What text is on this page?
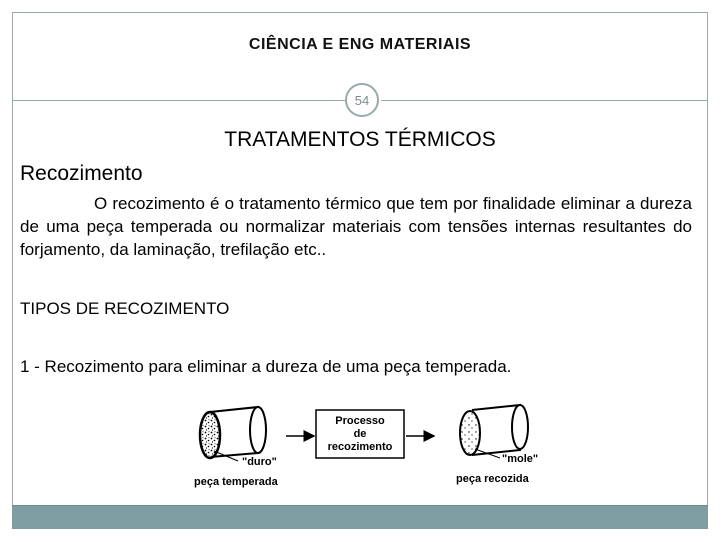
CIÊNCIA E ENG MATERIAIS
54
TRATAMENTOS TÉRMICOS
Recozimento
O recozimento é o tratamento térmico que tem por finalidade eliminar a dureza de uma peça temperada ou normalizar materiais com tensões internas resultantes do forjamento, da laminação, trefilação etc..
TIPOS DE RECOZIMENTO
1 - Recozimento para eliminar a dureza de uma peça temperada.
"duro"
peça temperada
Processo
de
recozimento
"mole"
peça recozida
